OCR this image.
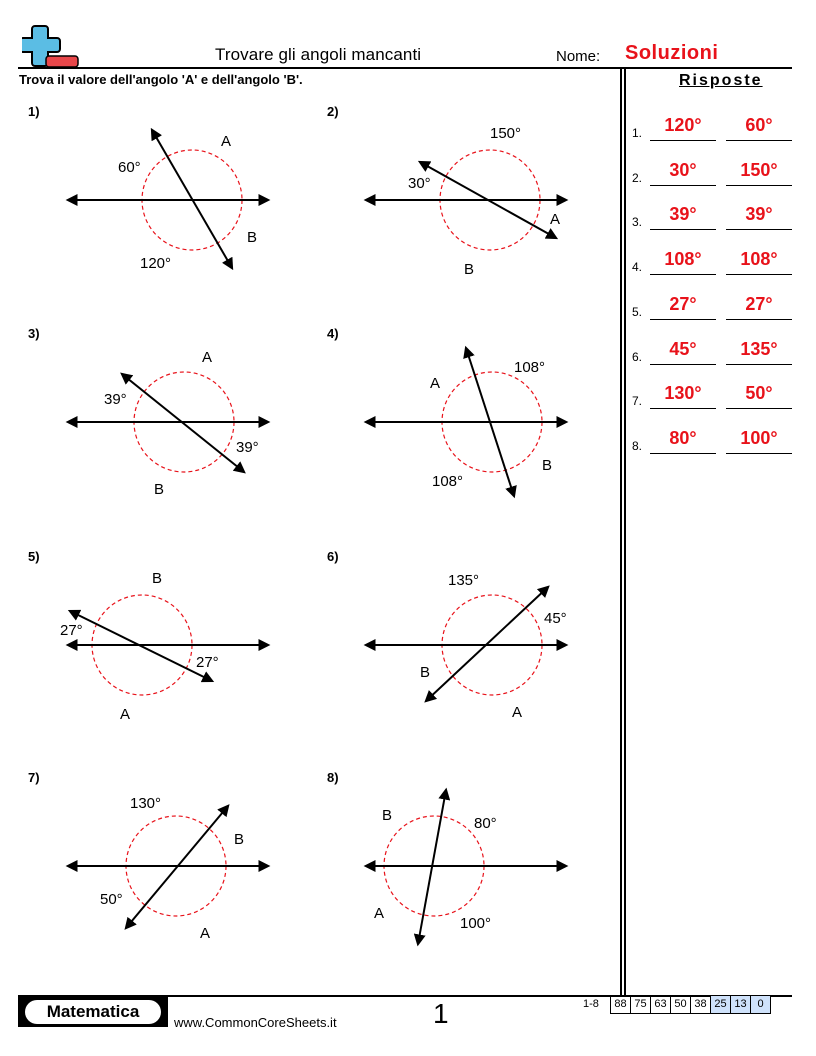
Trovare gli angoli mancanti	Nome: Soluzioni
Trova il valore dell'angolo 'A' e dell'angolo 'B'.	Risposte
1.	120°	60°
2.	30°	150°
3.	39°	39°
4.	108°	108°
5.	27°	27°
6.	45°	135°
7.	130°	50°
8.	80°	100°
1)
60°
120°
A
B
2)
150°
30°
A
B
3)
A
39°
39°
B
4)
108°
A
108°
B
5)
B
27°
27°
A
6)
135°
45°
B
A
7)
130°
B
50°
A
8)
B	80°
A
100°
Matematica
www.CommonCoreSheets.it	1	1-8	88 75 63 50 38 25 13 0
